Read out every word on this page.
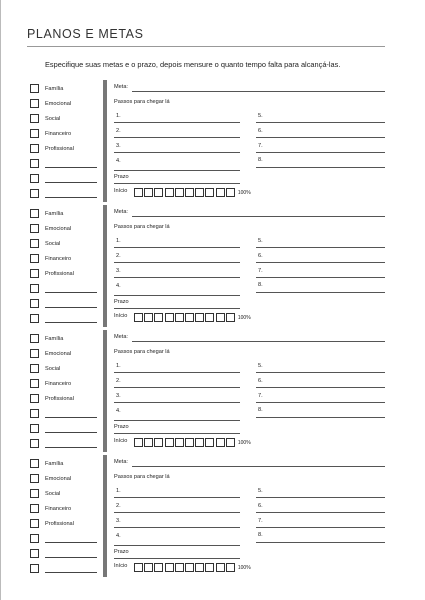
PLANOS E METAS
Especifique suas metas e o prazo, depois mensure o quanto tempo falta para alcançá-las.
Família
Emocional
Social
Financeiro
Profissional
Meta:
Passos para chegar lá
1.	5.
2.	6.
3.	7.
4.	8.
Prazo
Início	100%
Família
Emocional
Social
Financeiro
Profissional
Meta:
Passos para chegar lá
1.	5.
2.	6.
3.	7.
4.	8.
Prazo
Início	100%
Família
Emocional
Social
Financeiro
Profissional
Meta:
Passos para chegar lá
1.	5.
2.	6.
3.	7.
4.	8.
Prazo
Início	100%
Família
Emocional
Social
Financeiro
Profissional
Meta:
Passos para chegar lá
1.	5.
2.	6.
3.	7.
4.	8.
Prazo
Início	100%
